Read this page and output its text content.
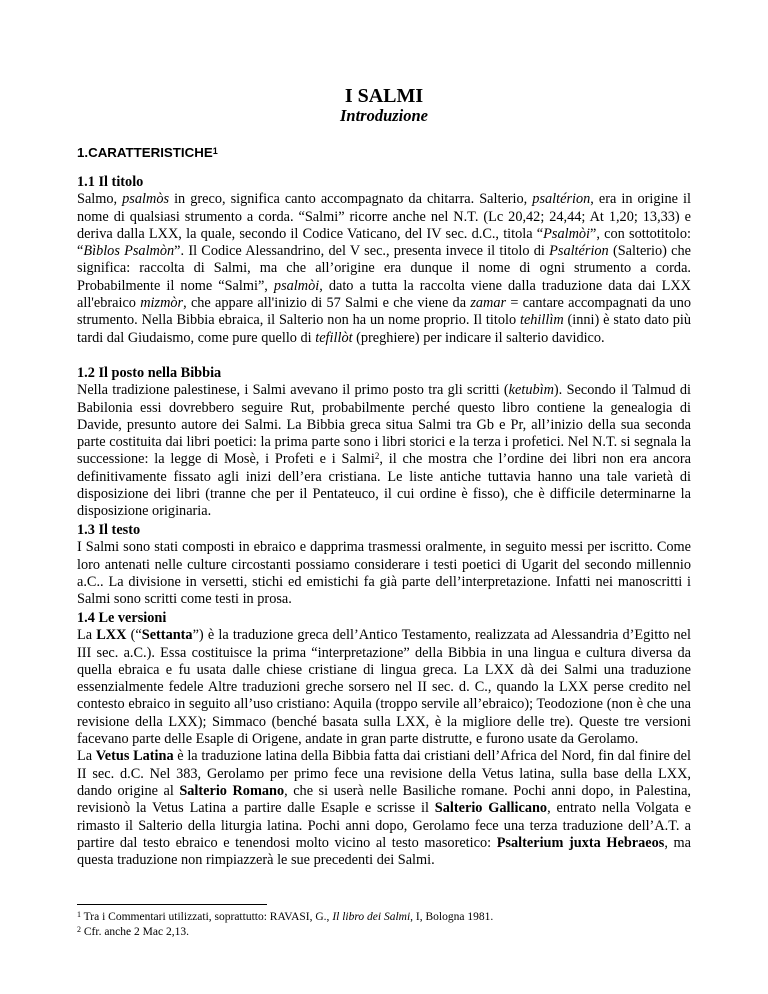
I SALMI
Introduzione
1.CARATTERISTICHE$^1$
1.1 Il titolo

Salmo, psalmòs in greco, significa canto accompagnato da chitarra. Salterio, psaltérion, era in origine il nome di qualsiasi strumento a corda. “Salmi” ricorre anche nel N.T. (Lc 20,42; 24,44; At 1,20; 13,33) e deriva dalla LXX, la quale, secondo il Codice Vaticano, del IV sec. d.C., titola “Psalmòi”, con sottotitolo: “Bìblos Psalmòn”. Il Codice Alessandrino, del V sec., presenta invece il titolo di Psaltérion (Salterio) che significa: raccolta di Salmi, ma che all’origine era dunque il nome di ogni strumento a corda. Probabilmente il nome “Salmi”, psalmòi, dato a tutta la raccolta viene dalla traduzione data dai LXX all'ebraico mizmòr, che appare all'inizio di 57 Salmi e che viene da zamar = cantare accompagnati da uno strumento. Nella Bibbia ebraica, il Salterio non ha un nome proprio. Il titolo tehillìm (inni) è stato dato più tardi dal Giudaismo, come pure quello di tefillòt (preghiere) per indicare il salterio davidico.

1.2 Il posto nella Bibbia

Nella tradizione palestinese, i Salmi avevano il primo posto tra gli scritti (ketubìm). Secondo il Talmud di Babilonia essi dovrebbero seguire Rut, probabilmente perché questo libro contiene la genealogia di Davide, presunto autore dei Salmi. La Bibbia greca situa Salmi tra Gb e Pr, all’inizio della sua seconda parte costituita dai libri poetici: la prima parte sono i libri storici e la terza i profetici. Nel N.T. si segnala la successione: la legge di Mosè, i Profeti e i Salmi$^2$, il che mostra che l’ordine dei libri non era ancora definitivamente fissato agli inizi dell’era cristiana. Le liste antiche tuttavia hanno una tale varietà di disposizione dei libri (tranne che per il Pentateuco, il cui ordine è fisso), che è difficile determinarne la disposizione originaria.

1.3 Il testo

I Salmi sono stati composti in ebraico e dapprima trasmessi oralmente, in seguito messi per iscritto. Come loro antenati nelle culture circostanti possiamo considerare i testi poetici di Ugarit del secondo millennio a.C.. La divisione in versetti, stichi ed emistichi fa già parte dell’interpretazione. Infatti nei manoscritti i Salmi sono scritti come testi in prosa.

1.4 Le versioni

La LXX (“Settanta”) è la traduzione greca dell’Antico Testamento, realizzata ad Alessandria d’Egitto nel III sec. a.C.). Essa costituisce la prima “interpretazione” della Bibbia in una lingua e cultura diversa da quella ebraica e fu usata dalle chiese cristiane di lingua greca. La LXX dà dei Salmi una traduzione essenzialmente fedele Altre traduzioni greche sorsero nel II sec. d. C., quando la LXX perse credito nel contesto ebraico in seguito all’uso cristiano: Aquila (troppo servile all’ebraico); Teodozione (non è che una revisione della LXX); Simmaco (benché basata sulla LXX, è la migliore delle tre). Queste tre versioni facevano parte delle Esaple di Origene, andate in gran parte distrutte, e furono usate da Gerolamo.

La Vetus Latina è la traduzione latina della Bibbia fatta dai cristiani dell’Africa del Nord, fin dal finire del II sec. d.C. Nel 383, Gerolamo per primo fece una revisione della Vetus latina, sulla base della LXX, dando origine al Salterio Romano, che si userà nelle Basiliche romane. Pochi anni dopo, in Palestina, revisionò la Vetus Latina a partire dalle Esaple e scrisse il Salterio Gallicano, entrato nella Volgata e rimasto il Salterio della liturgia latina. Pochi anni dopo, Gerolamo fece una terza traduzione dell’A.T. a partire dal testo ebraico e tenendosi molto vicino al testo masoretico: Psalterium juxta Hebraeos, ma questa traduzione non rimpiazzerà le sue precedenti dei Salmi.

$^1$ Tra i Commentari utilizzati, soprattutto: RAVASI, G., Il libro dei Salmi, I, Bologna 1981.
$^2$ Cfr. anche 2 Mac 2,13.
